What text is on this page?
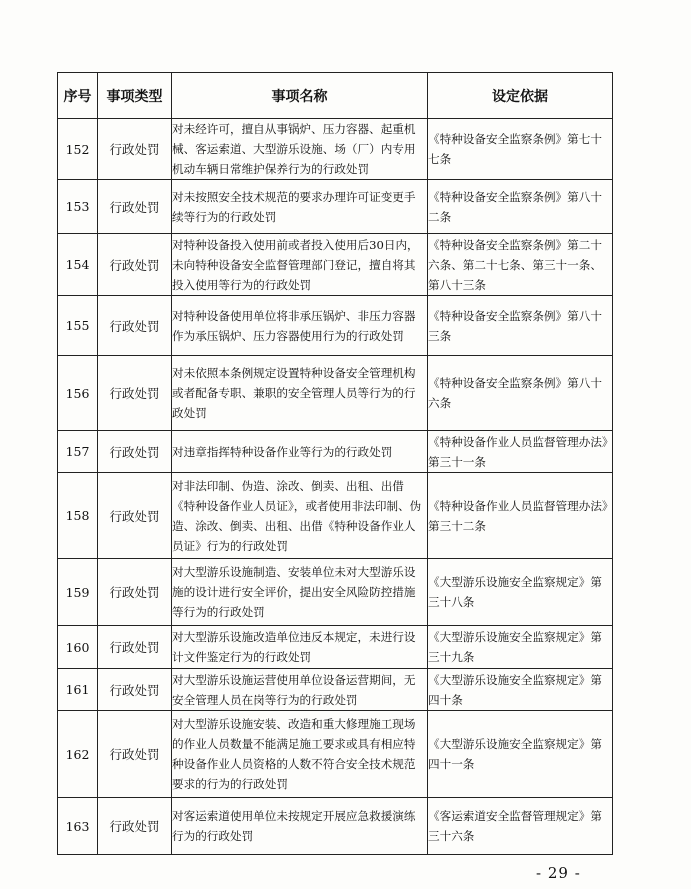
序号	事项类型	事项名称	设定依据
152	行政处罚	对未经许可，擅自从事锅炉、压力容器、起重机械、客运索道、大型游乐设施、场（厂）内专用机动车辆日常维护保养行为的行政处罚	《特种设备安全监察条例》第七十七条
153	行政处罚	对未按照安全技术规范的要求办理许可证变更手续等行为的行政处罚	《特种设备安全监察条例》第八十二条
154	行政处罚	对特种设备投入使用前或者投入使用后30日内，未向特种设备安全监督管理部门登记，擅自将其投入使用等行为的行政处罚	《特种设备安全监察条例》第二十六条、第二十七条、第三十一条、第八十三条
155	行政处罚	对特种设备使用单位将非承压锅炉、非压力容器作为承压锅炉、压力容器使用行为的行政处罚	《特种设备安全监察条例》第八十三条
156	行政处罚	对未依照本条例规定设置特种设备安全管理机构或者配备专职、兼职的安全管理人员等行为的行政处罚	《特种设备安全监察条例》第八十六条
157	行政处罚	对违章指挥特种设备作业等行为的行政处罚	《特种设备作业人员监督管理办法》第三十一条
158	行政处罚	对非法印制、伪造、涂改、倒卖、出租、出借《特种设备作业人员证》，或者使用非法印制、伪造、涂改、倒卖、出租、出借《特种设备作业人员证》行为的行政处罚	《特种设备作业人员监督管理办法》第三十二条
159	行政处罚	对大型游乐设施制造、安装单位未对大型游乐设施的设计进行安全评价，提出安全风险防控措施等行为的行政处罚	《大型游乐设施安全监察规定》第三十八条
160	行政处罚	对大型游乐设施改造单位违反本规定，未进行设计文件鉴定行为的行政处罚	《大型游乐设施安全监察规定》第三十九条
161	行政处罚	对大型游乐设施运营使用单位设备运营期间，无安全管理人员在岗等行为的行政处罚	《大型游乐设施安全监察规定》第四十条
162	行政处罚	对大型游乐设施安装、改造和重大修理施工现场的作业人员数量不能满足施工要求或具有相应特种设备作业人员资格的人数不符合安全技术规范要求的行为的行政处罚	《大型游乐设施安全监察规定》第四十一条
163	行政处罚	对客运索道使用单位未按规定开展应急救援演练行为的行政处罚	《客运索道安全监督管理规定》第三十六条
- 29 -
